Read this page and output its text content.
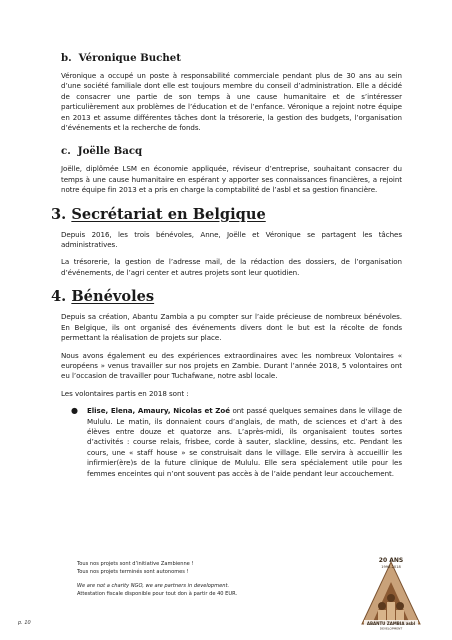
b. Véronique Buchet

Véronique a occupé un poste à responsabilité commerciale pendant plus de 30 ans au sein d’une société familiale dont elle est toujours membre du conseil d’administration. Elle a décidé de consacrer une partie de son temps à une cause humanitaire et de s’intéresser particulièrement aux problèmes de l’éducation et de l’enfance. Véronique a rejoint notre équipe en 2013 et assume différentes tâches dont la trésorerie, la gestion des budgets, l’organisation d’événements et la recherche de fonds.

c. Joëlle Bacq

Joëlle, diplômée LSM en économie appliquée, réviseur d’entreprise, souhaitant consacrer du temps à une cause humanitaire en espérant y apporter ses connaissances financières, a rejoint notre équipe fin 2013 et a pris en charge la comptabilité de l’asbl et sa gestion financière.

3. Secrétariat en Belgique

Depuis 2016, les trois bénévoles, Anne, Joëlle et Véronique se partagent les tâches administratives.

La trésorerie, la gestion de l’adresse mail, de la rédaction des dossiers, de l’organisation d’événements, de l’agri center et autres projets sont leur quotidien.

4. Bénévoles

Depuis sa création, Abantu Zambia a pu compter sur l’aide précieuse de nombreux bénévoles. En Belgique, ils ont organisé des événements divers dont le but est la récolte de fonds permettant la réalisation de projets sur place.

Nous avons également eu des expériences extraordinaires avec les nombreux Volontaires « européens » venus travailler sur nos projets en Zambie. Durant l’année 2018, 5 volontaires ont eu l’occasion de travailler pour Tuchafwane, notre asbl locale.

Les volontaires partis en 2018 sont :

● Elise, Elena, Amaury, Nicolas et Zoé ont passé quelques semaines dans le village de Mululu. Le matin, ils donnaient cours d’anglais, de math, de sciences et d’art à des élèves entre douze et quatorze ans. L’après-midi, ils organisaient toutes sortes d’activités : course relais, frisbee, corde à sauter, slackline, dessins, etc. Pendant les cours, une « staff house » se construisait dans le village. Elle servira à accueillir les infirmier(ère)s de la future clinique de Mululu. Elle sera spécialement utile pour les femmes enceintes qui n’ont souvent pas accès à de l’aide pendant leur accouchement.
Tous nos projets sont d’initiative Zambienne !
Tous nos projets terminés sont autonomes !
We are not a charity NGO, we are partners in development.
Attestation fiscale disponible pour tout don à partir de 40 EUR.
p. 10
20 ANS
1998-2018
ABANTU ZAMBIA asbl
DEVELOPMENT
